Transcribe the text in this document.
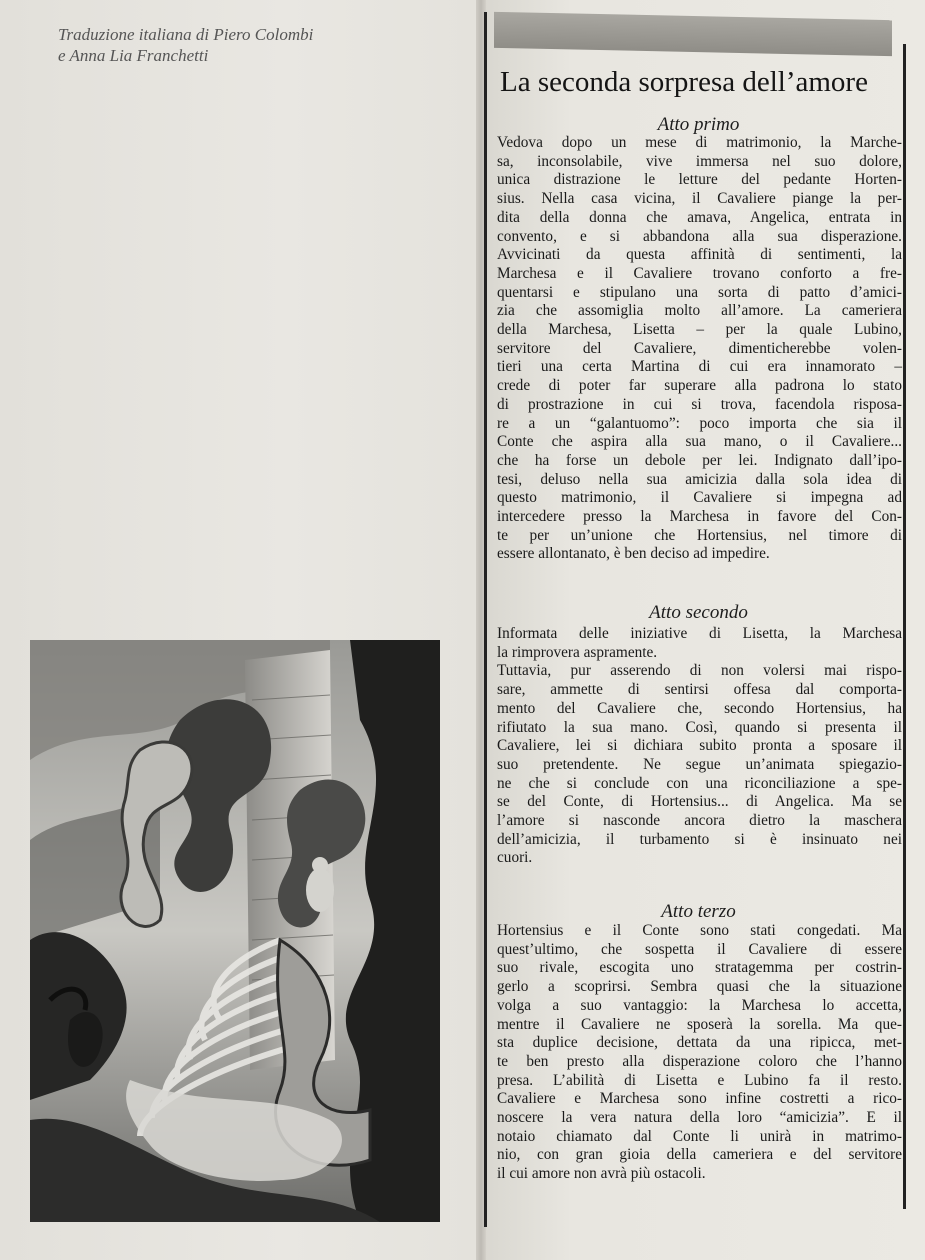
Traduzione italiana di Piero Colombi
e Anna Lia Franchetti
La seconda sorpresa dell’amore
Atto primo
Vedova dopo un mese di matrimonio, la Marche-
sa, inconsolabile, vive immersa nel suo dolore,
unica distrazione le letture del pedante Horten-
sius. Nella casa vicina, il Cavaliere piange la per-
dita della donna che amava, Angelica, entrata in
convento, e si abbandona alla sua disperazione.
Avvicinati da questa affinità di sentimenti, la
Marchesa e il Cavaliere trovano conforto a fre-
quentarsi e stipulano una sorta di patto d’amici-
zia che assomiglia molto all’amore. La cameriera
della Marchesa, Lisetta – per la quale Lubino,
servitore del Cavaliere, dimenticherebbe volen-
tieri una certa Martina di cui era innamorato –
crede di poter far superare alla padrona lo stato
di prostrazione in cui si trova, facendola risposa-
re a un “galantuomo”: poco importa che sia il
Conte che aspira alla sua mano, o il Cavaliere...
che ha forse un debole per lei. Indignato dall’ipo-
tesi, deluso nella sua amicizia dalla sola idea di
questo matrimonio, il Cavaliere si impegna ad
intercedere presso la Marchesa in favore del Con-
te per un’unione che Hortensius, nel timore di
essere allontanato, è ben deciso ad impedire.
Atto secondo
Informata delle iniziative di Lisetta, la Marchesa
la rimprovera aspramente.
Tuttavia, pur asserendo di non volersi mai rispo-
sare, ammette di sentirsi offesa dal comporta-
mento del Cavaliere che, secondo Hortensius, ha
rifiutato la sua mano. Così, quando si presenta il
Cavaliere, lei si dichiara subito pronta a sposare il
suo pretendente. Ne segue un’animata spiegazio-
ne che si conclude con una riconciliazione a spe-
se del Conte, di Hortensius... di Angelica. Ma se
l’amore si nasconde ancora dietro la maschera
dell’amicizia, il turbamento si è insinuato nei
cuori.
Atto terzo
Hortensius e il Conte sono stati congedati. Ma
quest’ultimo, che sospetta il Cavaliere di essere
suo rivale, escogita uno stratagemma per costrin-
gerlo a scoprirsi. Sembra quasi che la situazione
volga a suo vantaggio: la Marchesa lo accetta,
mentre il Cavaliere ne sposerà la sorella. Ma que-
sta duplice decisione, dettata da una ripicca, met-
te ben presto alla disperazione coloro che l’hanno
presa. L’abilità di Lisetta e Lubino fa il resto.
Cavaliere e Marchesa sono infine costretti a rico-
noscere la vera natura della loro “amicizia”. E il
notaio chiamato dal Conte li unirà in matrimo-
nio, con gran gioia della cameriera e del servitore
il cui amore non avrà più ostacoli.
